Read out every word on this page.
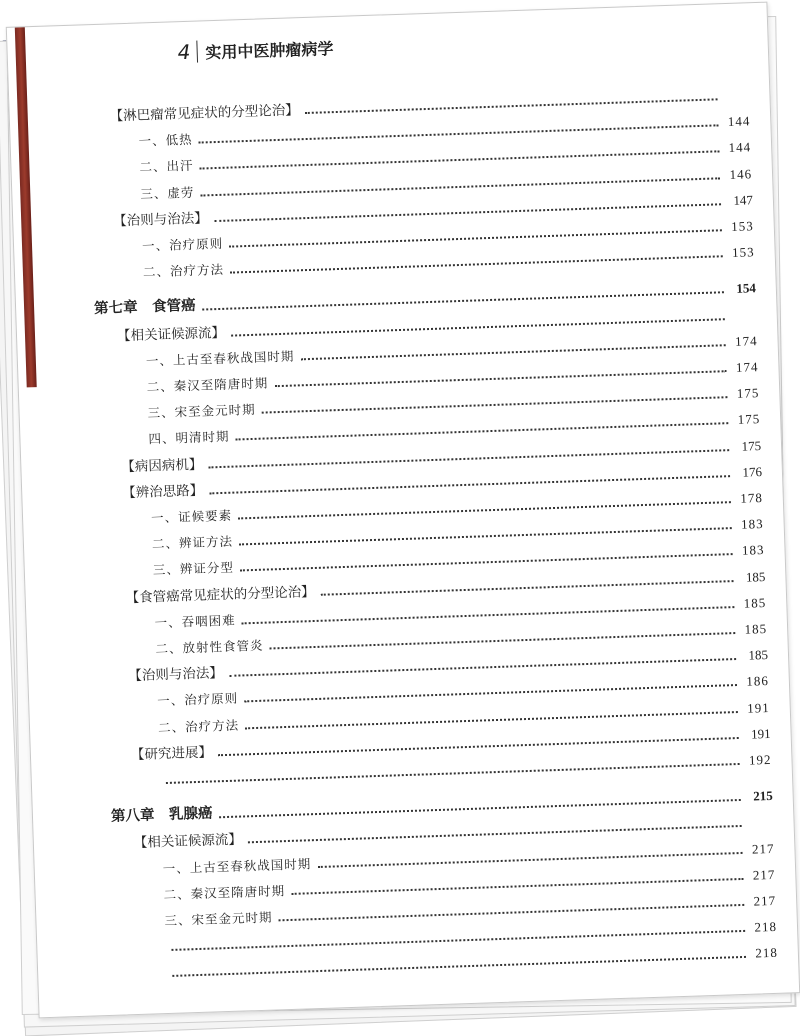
4 实用中医肿瘤病学
【淋巴瘤常见症状的分型论治】
一、低热
144
二、出汗
144
三、虚劳
146
【治则与治法】
147
一、治疗原则
153
二、治疗方法
153
第七章　食管癌
154
【相关证候源流】
一、上古至春秋战国时期
174
二、秦汉至隋唐时期
174
三、宋至金元时期
175
四、明清时期
175
【病因病机】
175
【辨治思路】
176
一、证候要素
178
二、辨证方法
183
三、辨证分型
183
【食管癌常见症状的分型论治】
185
一、吞咽困难
185
二、放射性食管炎
185
【治则与治法】
185
一、治疗原则
186
二、治疗方法
191
【研究进展】
191
192
第八章　乳腺癌
215
【相关证候源流】
一、上古至春秋战国时期
217
二、秦汉至隋唐时期
217
三、宋至金元时期
217
218
218
